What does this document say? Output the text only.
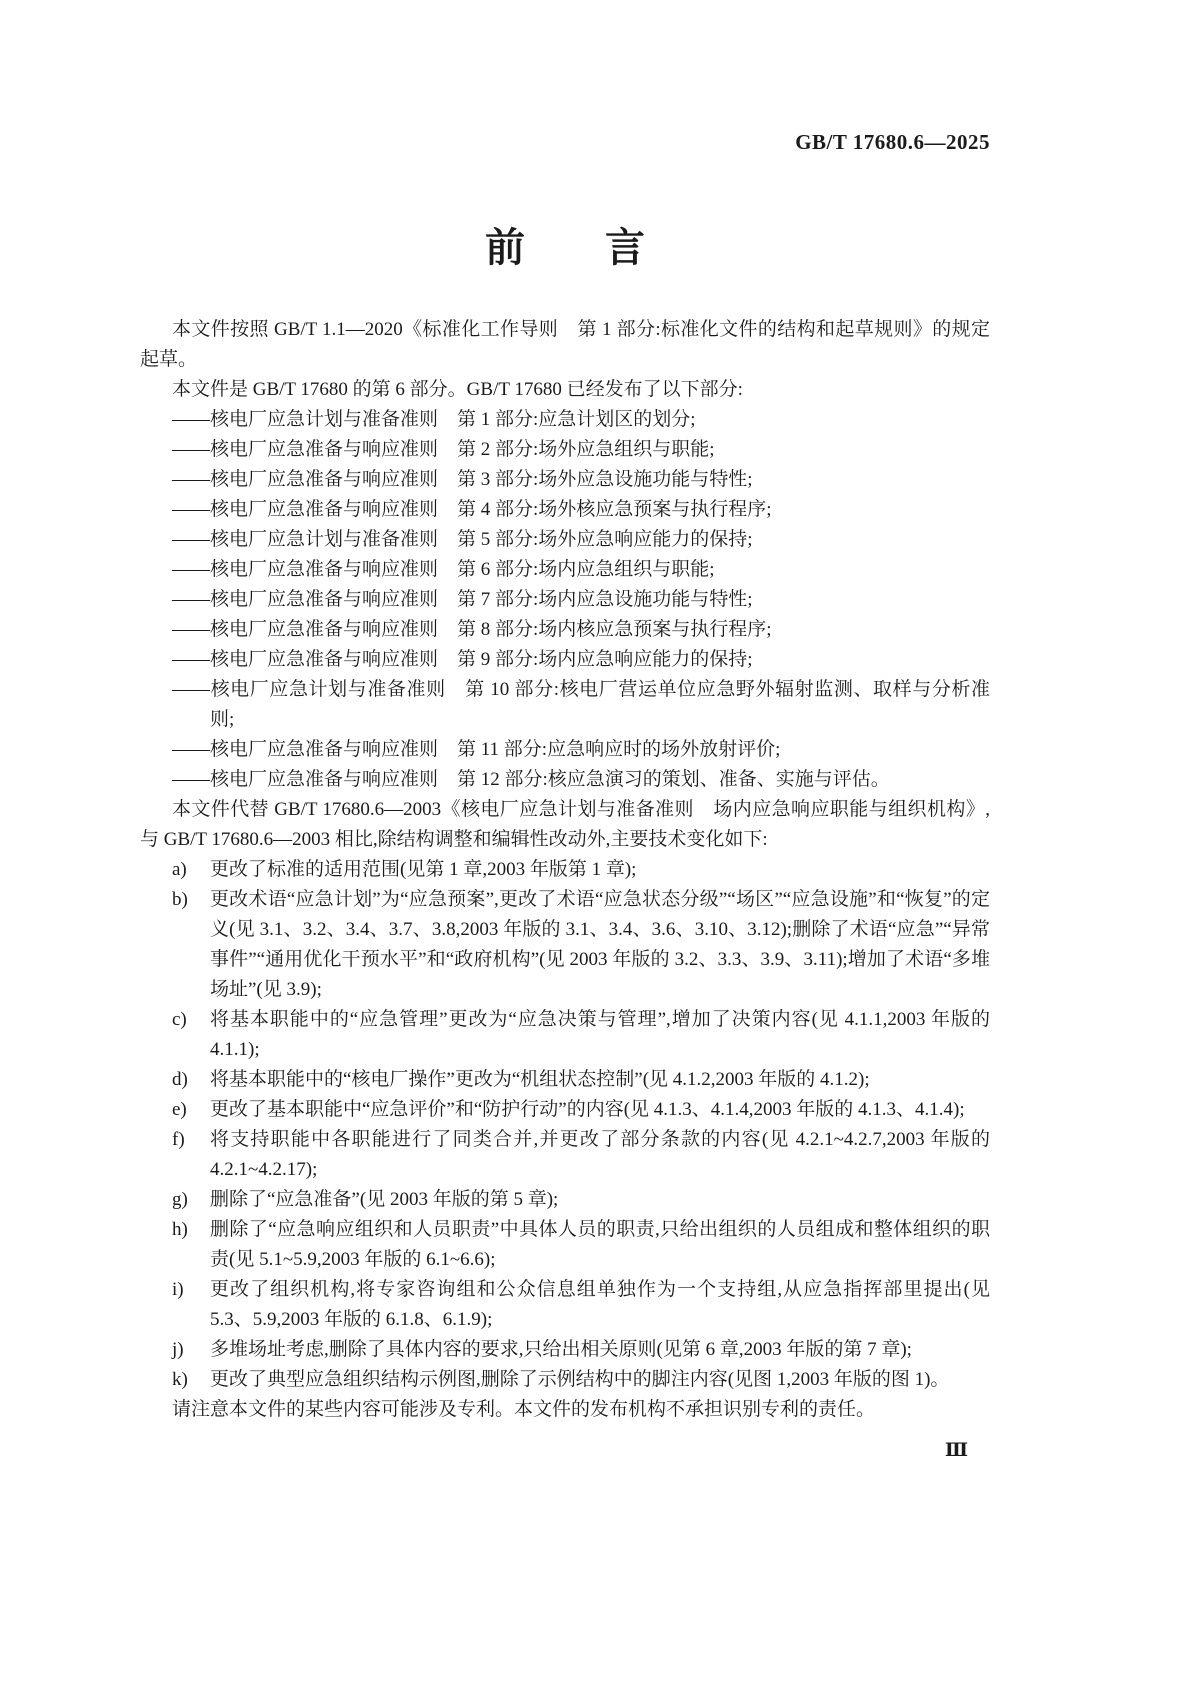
GB/T 17680.6—2025
前　　言

本文件按照 GB/T 1.1—2020《标准化工作导则　第 1 部分:标准化文件的结构和起草规则》的规定起草。

本文件是 GB/T 17680 的第 6 部分。GB/T 17680 已经发布了以下部分:

——核电厂应急计划与准备准则　第 1 部分:应急计划区的划分;

——核电厂应急准备与响应准则　第 2 部分:场外应急组织与职能;

——核电厂应急准备与响应准则　第 3 部分:场外应急设施功能与特性;

——核电厂应急准备与响应准则　第 4 部分:场外核应急预案与执行程序;

——核电厂应急计划与准备准则　第 5 部分:场外应急响应能力的保持;

——核电厂应急准备与响应准则　第 6 部分:场内应急组织与职能;

——核电厂应急准备与响应准则　第 7 部分:场内应急设施功能与特性;

——核电厂应急准备与响应准则　第 8 部分:场内核应急预案与执行程序;

——核电厂应急准备与响应准则　第 9 部分:场内应急响应能力的保持;

——核电厂应急计划与准备准则　第 10 部分:核电厂营运单位应急野外辐射监测、取样与分析准则;

——核电厂应急准备与响应准则　第 11 部分:应急响应时的场外放射评价;

——核电厂应急准备与响应准则　第 12 部分:核应急演习的策划、准备、实施与评估。

本文件代替 GB/T 17680.6—2003《核电厂应急计划与准备准则　场内应急响应职能与组织机构》,与 GB/T 17680.6—2003 相比,除结构调整和编辑性改动外,主要技术变化如下:

a) 更改了标准的适用范围(见第 1 章,2003 年版第 1 章);
b) 更改术语“应急计划”为“应急预案”,更改了术语“应急状态分级”“场区”“应急设施”和“恢复”的定义(见 3.1、3.2、3.4、3.7、3.8,2003 年版的 3.1、3.4、3.6、3.10、3.12);删除了术语“应急”“异常事件”“通用优化干预水平”和“政府机构”(见 2003 年版的 3.2、3.3、3.9、3.11);增加了术语“多堆场址”(见 3.9);
c) 将基本职能中的“应急管理”更改为“应急决策与管理”,增加了决策内容(见 4.1.1,2003 年版的 4.1.1);
d) 将基本职能中的“核电厂操作”更改为“机组状态控制”(见 4.1.2,2003 年版的 4.1.2);
e) 更改了基本职能中“应急评价”和“防护行动”的内容(见 4.1.3、4.1.4,2003 年版的 4.1.3、4.1.4);
f) 将支持职能中各职能进行了同类合并,并更改了部分条款的内容(见 4.2.1~4.2.7,2003 年版的 4.2.1~4.2.17);
g) 删除了“应急准备”(见 2003 年版的第 5 章);
h) 删除了“应急响应组织和人员职责”中具体人员的职责,只给出组织的人员组成和整体组织的职责(见 5.1~5.9,2003 年版的 6.1~6.6);
i) 更改了组织机构,将专家咨询组和公众信息组单独作为一个支持组,从应急指挥部里提出(见 5.3、5.9,2003 年版的 6.1.8、6.1.9);
j) 多堆场址考虑,删除了具体内容的要求,只给出相关原则(见第 6 章,2003 年版的第 7 章);
k) 更改了典型应急组织结构示例图,删除了示例结构中的脚注内容(见图 1,2003 年版的图 1)。

请注意本文件的某些内容可能涉及专利。本文件的发布机构不承担识别专利的责任。

Ⅲ
